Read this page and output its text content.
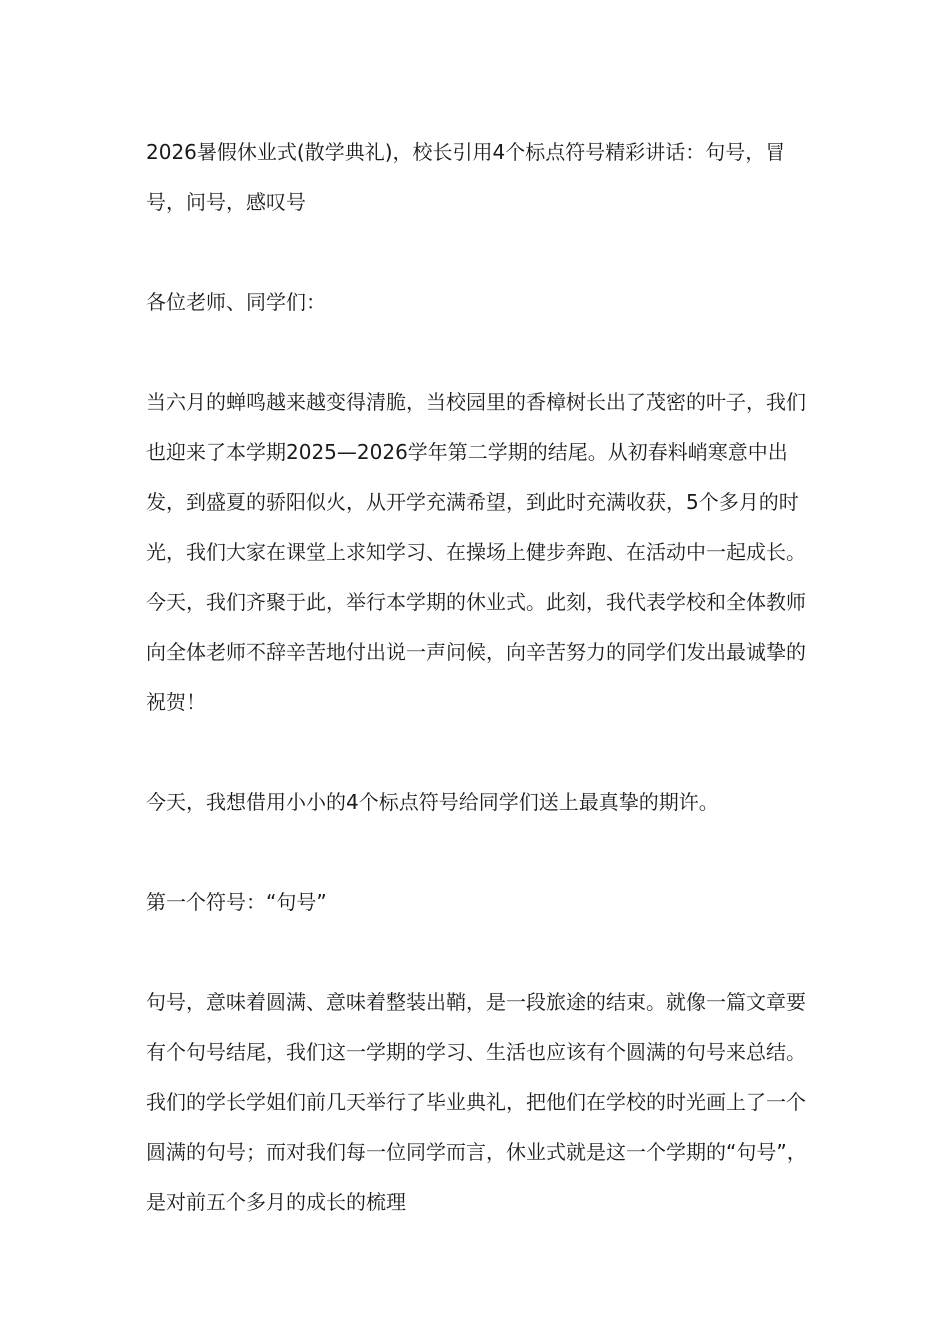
2026暑假休业式(散学典礼)，校长引用4个标点符号精彩讲话：句号，冒号，问号，感叹号

各位老师、同学们：

当六月的蝉鸣越来越变得清脆，当校园里的香樟树长出了茂密的叶子，我们也迎来了本学期2025—2026学年第二学期的结尾。从初春料峭寒意中出发，到盛夏的骄阳似火，从开学充满希望，到此时充满收获，5个多月的时光，我们大家在课堂上求知学习、在操场上健步奔跑、在活动中一起成长。今天，我们齐聚于此，举行本学期的休业式。此刻，我代表学校和全体教师向全体老师不辞辛苦地付出说一声问候，向辛苦努力的同学们发出最诚挚的祝贺！

今天，我想借用小小的4个标点符号给同学们送上最真挚的期许。

第一个符号：“句号”

句号，意味着圆满、意味着整装出鞘，是一段旅途的结束。就像一篇文章要有个句号结尾，我们这一学期的学习、生活也应该有个圆满的句号来总结。我们的学长学姐们前几天举行了毕业典礼，把他们在学校的时光画上了一个圆满的句号；而对我们每一位同学而言，休业式就是这一个学期的“句号”，是对前五个多月的成长的梳理
